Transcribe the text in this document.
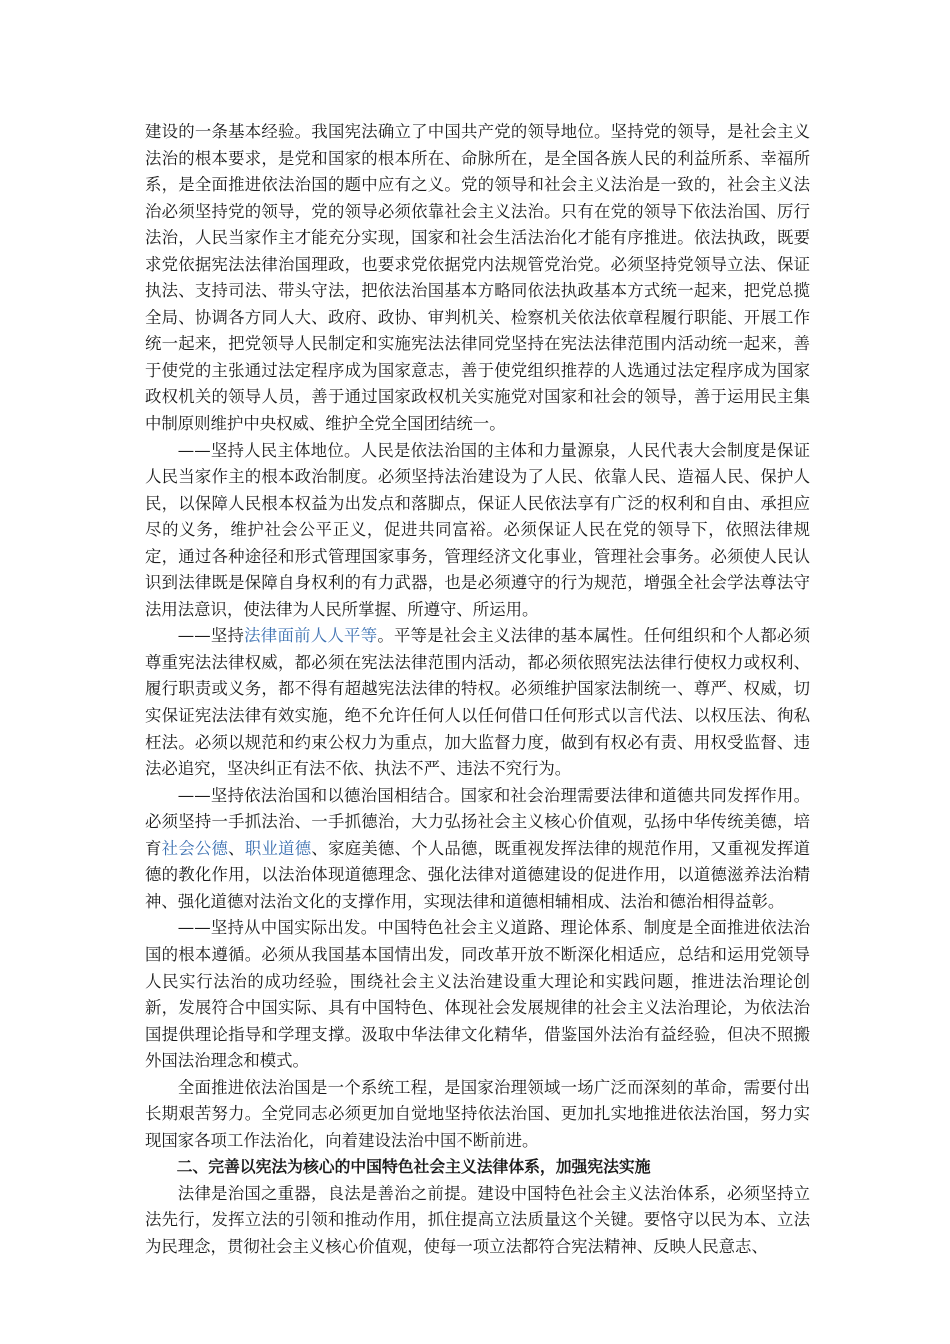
建设的一条基本经验。我国宪法确立了中国共产党的领导地位。坚持党的领导，是社会主义法治的根本要求，是党和国家的根本所在、命脉所在，是全国各族人民的利益所系、幸福所系，是全面推进依法治国的题中应有之义。党的领导和社会主义法治是一致的，社会主义法治必须坚持党的领导，党的领导必须依靠社会主义法治。只有在党的领导下依法治国、厉行法治，人民当家作主才能充分实现，国家和社会生活法治化才能有序推进。依法执政，既要求党依据宪法法律治国理政，也要求党依据党内法规管党治党。必须坚持党领导立法、保证执法、支持司法、带头守法，把依法治国基本方略同依法执政基本方式统一起来，把党总揽全局、协调各方同人大、政府、政协、审判机关、检察机关依法依章程履行职能、开展工作统一起来，把党领导人民制定和实施宪法法律同党坚持在宪法法律范围内活动统一起来，善于使党的主张通过法定程序成为国家意志，善于使党组织推荐的人选通过法定程序成为国家政权机关的领导人员，善于通过国家政权机关实施党对国家和社会的领导，善于运用民主集中制原则维护中央权威、维护全党全国团结统一。

——坚持人民主体地位。人民是依法治国的主体和力量源泉，人民代表大会制度是保证人民当家作主的根本政治制度。必须坚持法治建设为了人民、依靠人民、造福人民、保护人民，以保障人民根本权益为出发点和落脚点，保证人民依法享有广泛的权利和自由、承担应尽的义务，维护社会公平正义，促进共同富裕。必须保证人民在党的领导下，依照法律规定，通过各种途径和形式管理国家事务，管理经济文化事业，管理社会事务。必须使人民认识到法律既是保障自身权利的有力武器，也是必须遵守的行为规范，增强全社会学法尊法守法用法意识，使法律为人民所掌握、所遵守、所运用。

——坚持法律面前人人平等。平等是社会主义法律的基本属性。任何组织和个人都必须尊重宪法法律权威，都必须在宪法法律范围内活动，都必须依照宪法法律行使权力或权利、履行职责或义务，都不得有超越宪法法律的特权。必须维护国家法制统一、尊严、权威，切实保证宪法法律有效实施，绝不允许任何人以任何借口任何形式以言代法、以权压法、徇私枉法。必须以规范和约束公权力为重点，加大监督力度，做到有权必有责、用权受监督、违法必追究，坚决纠正有法不依、执法不严、违法不究行为。

——坚持依法治国和以德治国相结合。国家和社会治理需要法律和道德共同发挥作用。必须坚持一手抓法治、一手抓德治，大力弘扬社会主义核心价值观，弘扬中华传统美德，培育社会公德、职业道德、家庭美德、个人品德，既重视发挥法律的规范作用，又重视发挥道德的教化作用，以法治体现道德理念、强化法律对道德建设的促进作用，以道德滋养法治精神、强化道德对法治文化的支撑作用，实现法律和道德相辅相成、法治和德治相得益彰。

——坚持从中国实际出发。中国特色社会主义道路、理论体系、制度是全面推进依法治国的根本遵循。必须从我国基本国情出发，同改革开放不断深化相适应，总结和运用党领导人民实行法治的成功经验，围绕社会主义法治建设重大理论和实践问题，推进法治理论创新，发展符合中国实际、具有中国特色、体现社会发展规律的社会主义法治理论，为依法治国提供理论指导和学理支撑。汲取中华法律文化精华，借鉴国外法治有益经验，但决不照搬外国法治理念和模式。

全面推进依法治国是一个系统工程，是国家治理领域一场广泛而深刻的革命，需要付出长期艰苦努力。全党同志必须更加自觉地坚持依法治国、更加扎实地推进依法治国，努力实现国家各项工作法治化，向着建设法治中国不断前进。

二、完善以宪法为核心的中国特色社会主义法律体系，加强宪法实施

法律是治国之重器，良法是善治之前提。建设中国特色社会主义法治体系，必须坚持立法先行，发挥立法的引领和推动作用，抓住提高立法质量这个关键。要恪守以民为本、立法为民理念，贯彻社会主义核心价值观，使每一项立法都符合宪法精神、反映人民意志、
